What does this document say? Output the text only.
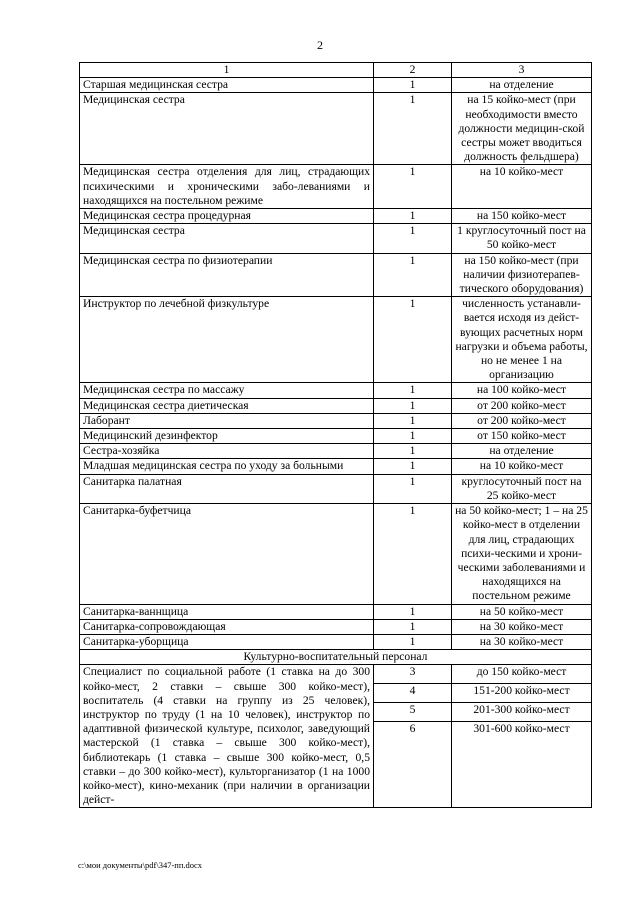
2
1	2	3
Старшая медицинская сестра	1	на отделение
Медицинская сестра	1	на 15 койко-мест (при необходимости вместо должности медицин-ской сестры может вводиться должность фельдшера)
Медицинская сестра отделения для лиц, страдающих психическими и хроническими забо-леваниями и находящихся на постельном режиме	1	на 10 койко-мест
Медицинская сестра процедурная	1	на 150 койко-мест
Медицинская сестра	1	1 круглосуточный пост на 50 койко-мест
Медицинская сестра по физиотерапии	1	на 150 койко-мест (при наличии физиотерапев-тического оборудования)
Инструктор по лечебной физкультуре	1	численность устанавли-вается исходя из дейст-вующих расчетных норм нагрузки и объема работы, но не менее 1 на организацию
Медицинская сестра по массажу	1	на 100 койко-мест
Медицинская сестра диетическая	1	от 200 койко-мест
Лаборант	1	от 200 койко-мест
Медицинский дезинфектор	1	от 150 койко-мест
Сестра-хозяйка	1	на отделение
Младшая медицинская сестра по уходу за больными	1	на 10 койко-мест
Санитарка палатная	1	круглосуточный пост на 25 койко-мест
Санитарка-буфетчица	1	на 50 койко-мест; 1 – на 25 койко-мест в отделении для лиц, страдающих психи-ческими и хрони-ческими заболеваниями и находящихся на постельном режиме
Санитарка-ваннщица	1	на 50 койко-мест
Санитарка-сопровождающая	1	на 30 койко-мест
Санитарка-уборщица	1	на 30 койко-мест
Культурно-воспитательный персонал		
Специалист по социальной работе (1 ставка на до 300 койко-мест, 2 ставки – свыше 300 койко-мест), воспитатель (4 ставки на группу из 25 человек), инструктор по труду (1 на 10 человек), инструктор по адаптивной физической культуре, психолог, заведующий мастерской (1 ставка – свыше 300 койко-мест), библиотекарь (1 ставка – свыше 300 койко-мест, 0,5 ставки – до 300 койко-мест), культорганизатор (1 на 1000 койко-мест), кино-механик (при наличии в организации дейст-	3	до 150 койко-мест
	4	151-200 койко-мест
	5	201-300 койко-мест
	6	301-600 койко-мест
c:\мои документы\pdf\347-пп.docx
